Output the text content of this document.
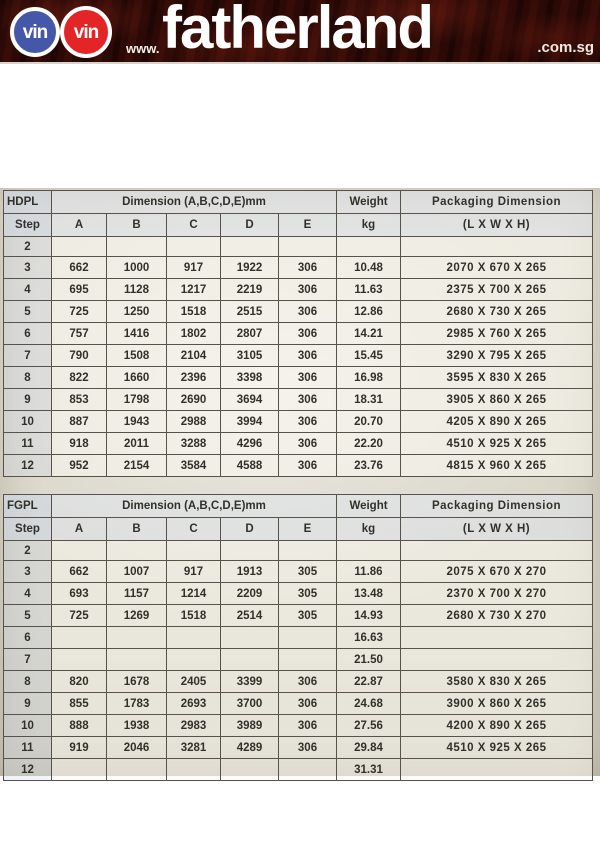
vin vin
www. fatherland	.com.sg
HDPL	Dimension (A,B,C,D,E)mm					Weight	Packaging Dimension
Step	A	B	C	D	E	kg	(L X W X H)
2							
3	662	1000	917	1922	306	10.48	2070 X 670 X 265
4	695	1128	1217	2219	306	11.63	2375 X 700 X 265
5	725	1250	1518	2515	306	12.86	2680 X 730 X 265
6	757	1416	1802	2807	306	14.21	2985 X 760 X 265
7	790	1508	2104	3105	306	15.45	3290 X 795 X 265
8	822	1660	2396	3398	306	16.98	3595 X 830 X 265
9	853	1798	2690	3694	306	18.31	3905 X 860 X 265
10	887	1943	2988	3994	306	20.70	4205 X 890 X 265
11	918	2011	3288	4296	306	22.20	4510 X 925 X 265
12	952	2154	3584	4588	306	23.76	4815 X 960 X 265
FGPL	Dimension (A,B,C,D,E)mm					Weight	Packaging Dimension
Step	A	B	C	D	E	kg	(L X W X H)
2							
3	662	1007	917	1913	305	11.86	2075 X 670 X 270
4	693	1157	1214	2209	305	13.48	2370 X 700 X 270
5	725	1269	1518	2514	305	14.93	2680 X 730 X 270
6						16.63	
7						21.50	
8	820	1678	2405	3399	306	22.87	3580 X 830 X 265
9	855	1783	2693	3700	306	24.68	3900 X 860 X 265
10	888	1938	2983	3989	306	27.56	4200 X 890 X 265
11	919	2046	3281	4289	306	29.84	4510 X 925 X 265
12						31.31	
